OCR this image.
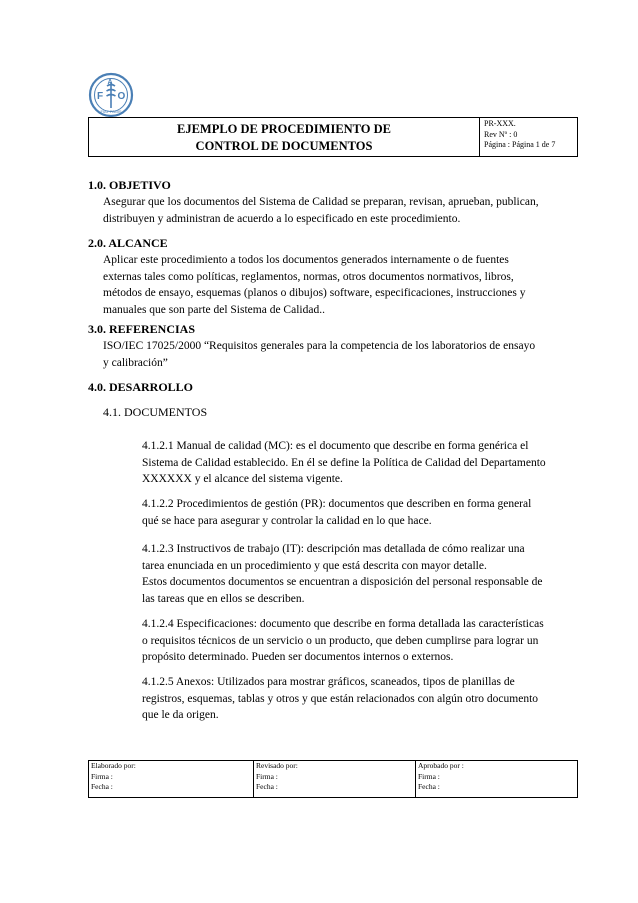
F O
A
FIAT PANIS
EJEMPLO DE PROCEDIMIENTO DE
CONTROL DE DOCUMENTOS
PR-XXX.
Rev Nº : 0
Página : Página 1 de 7
1.0. OBJETIVO
Asegurar que los documentos del Sistema de Calidad se preparan, revisan, aprueban, publican,
distribuyen y administran de acuerdo a lo especificado en este procedimiento.
2.0. ALCANCE
Aplicar este procedimiento a todos los documentos generados internamente o de fuentes
externas tales como políticas, reglamentos, normas, otros documentos normativos, libros,
métodos de ensayo, esquemas (planos o dibujos) software, especificaciones, instrucciones y
manuales que son parte del Sistema de Calidad..
3.0. REFERENCIAS
ISO/IEC 17025/2000 “Requisitos generales para la competencia de los laboratorios de ensayo
y calibración”
4.0. DESARROLLO
4.1. DOCUMENTOS
4.1.2.1 Manual de calidad (MC): es el documento que describe en forma genérica el
Sistema de Calidad establecido. En él se define la Política de Calidad del Departamento
XXXXXX y el alcance del sistema vigente.
4.1.2.2 Procedimientos de gestión (PR): documentos que describen en forma general
qué se hace para asegurar y controlar la calidad en lo que hace.
4.1.2.3 Instructivos de trabajo (IT): descripción mas detallada de cómo realizar una
tarea enunciada en un procedimiento y que está descrita con mayor detalle.
Estos documentos documentos se encuentran a disposición del personal responsable de
las tareas que en ellos se describen.
4.1.2.4 Especificaciones: documento que describe en forma detallada las características
o requisitos técnicos de un servicio o un producto, que deben cumplirse para lograr un
propósito determinado. Pueden ser documentos internos o externos.
4.1.2.5 Anexos: Utilizados para mostrar gráficos, scaneados, tipos de planillas de
registros, esquemas, tablas y otros y que están relacionados con algún otro documento
que le da origen.
Elaborado por:
Firma :
Fecha :
Revisado por:
Firma :
Fecha :
Aprobado por :
Firma :
Fecha :
